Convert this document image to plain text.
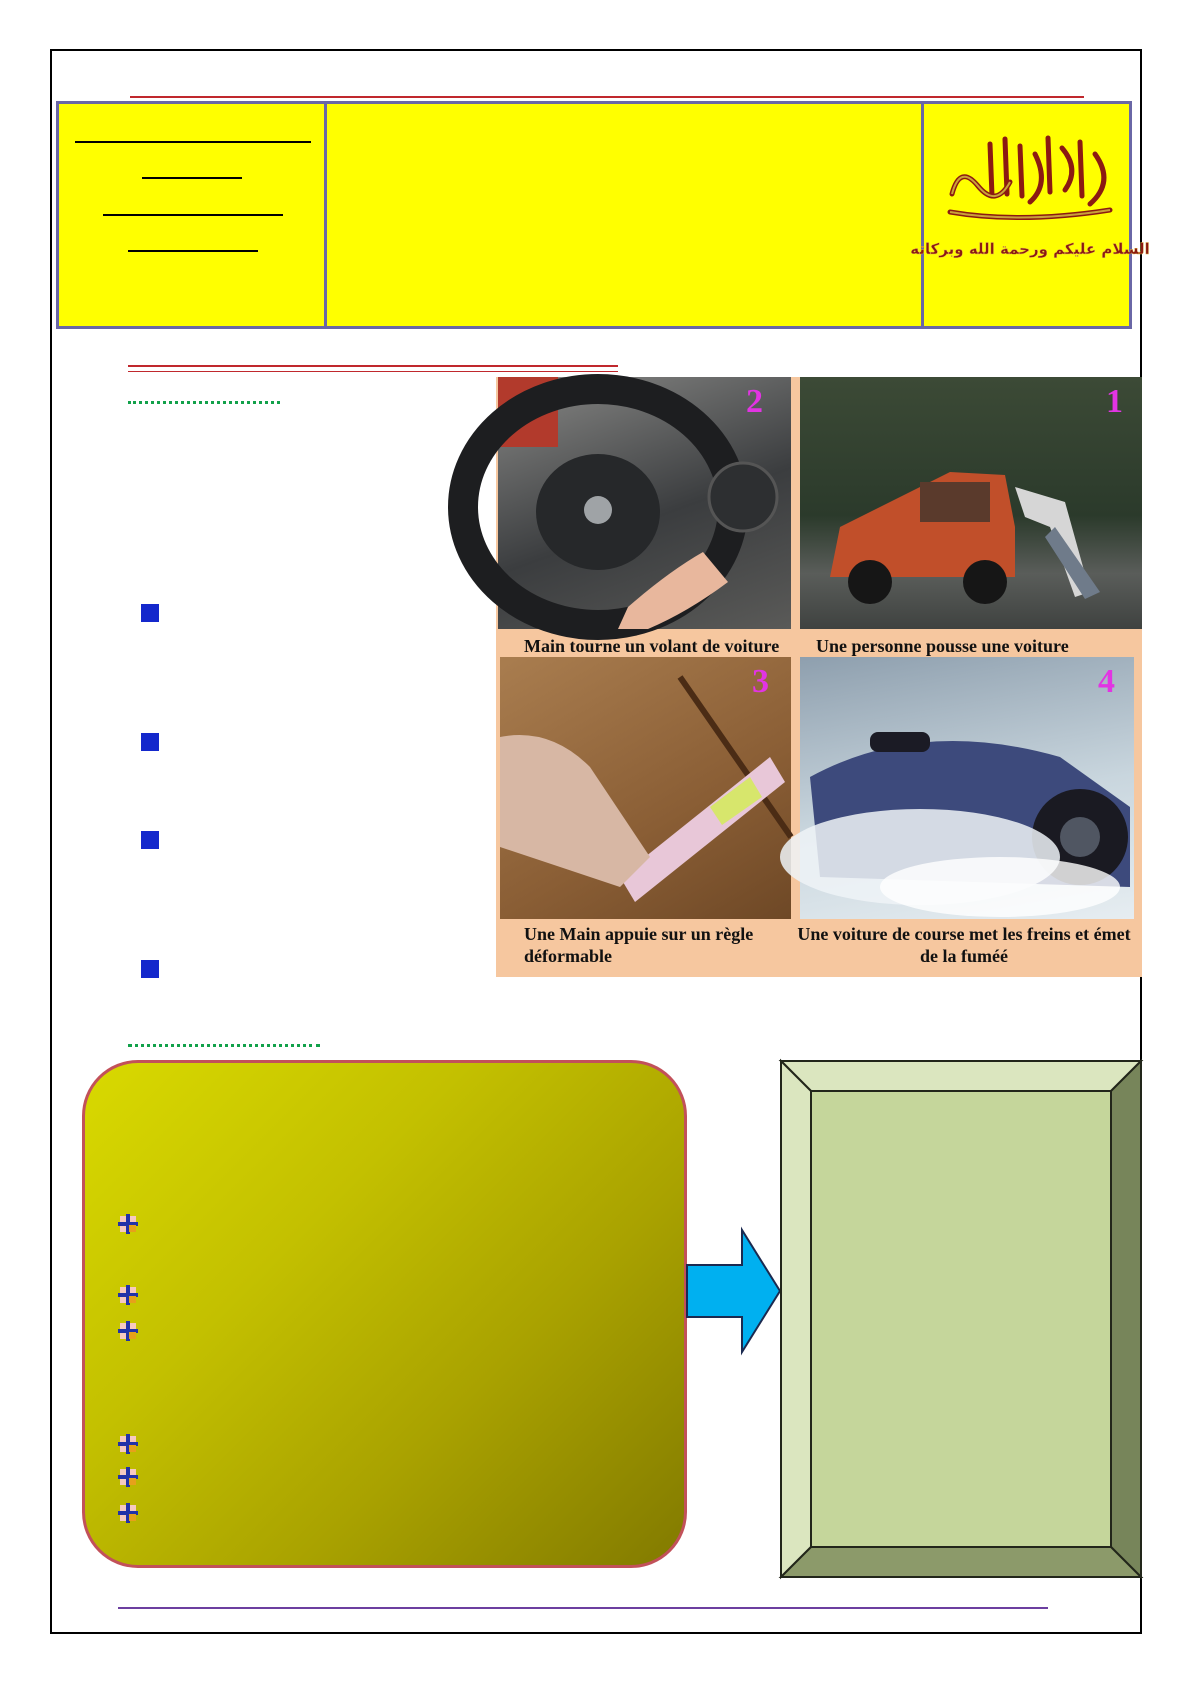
بسم الله الرحمن الرحيم
السلام عليكم ورحمة الله وبركاته
2
Main tourne un volant de voiture
1
Une personne pousse une voiture
3
Une Main appuie sur un règle déformable
4
Une voiture de course met les freins et émet de la fuméé
